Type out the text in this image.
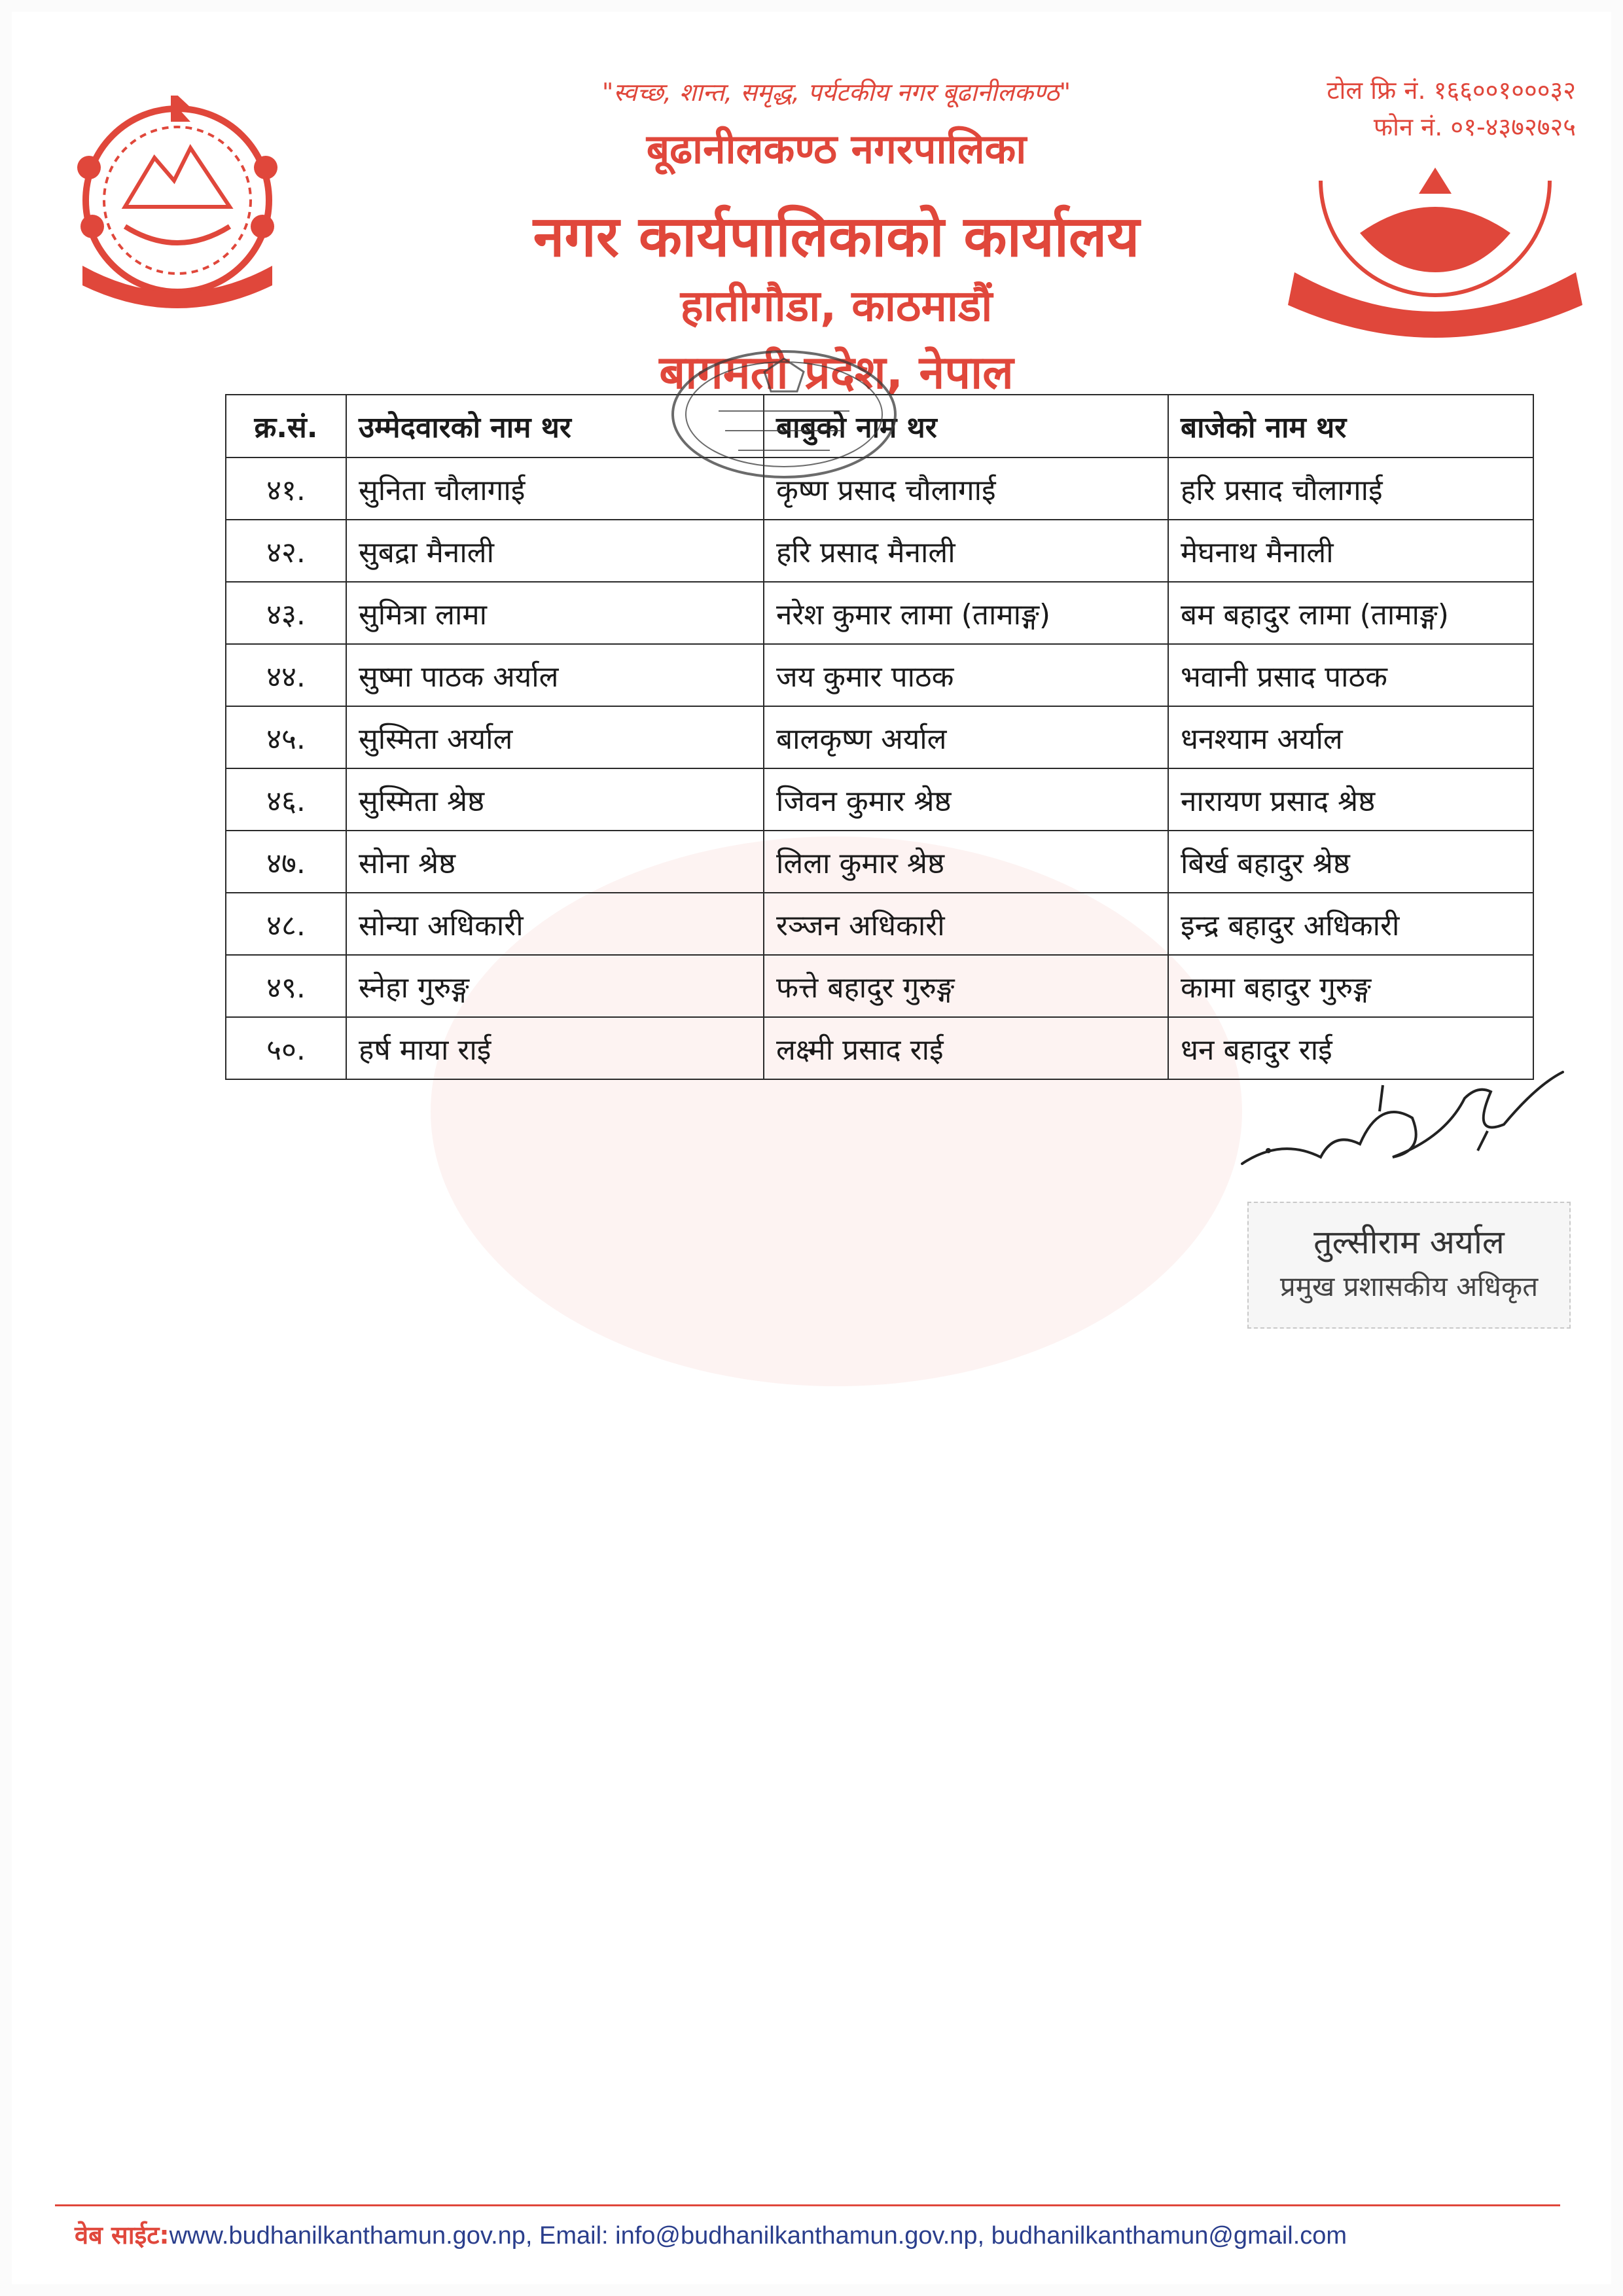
"स्वच्छ, शान्त, समृद्ध, पर्यटकीय नगर बूढानीलकण्ठ"	टोल फ्रि नं. १६६००१०००३२
फोन नं. ०१-४३७२७२५
बूढानीलकण्ठ नगरपालिका
नगर कार्यपालिकाको कार्यालय
हातीगौडा, काठमाडौं
बागमती प्रदेश, नेपाल
क्र.सं.	उम्मेदवारको नाम थर	बाबुको नाम थर	बाजेको नाम थर
४१.	सुनिता चौलागाई	कृष्ण प्रसाद चौलागाई	हरि प्रसाद चौलागाई
४२.	सुबद्रा मैनाली	हरि प्रसाद मैनाली	मेघनाथ मैनाली
४३.	सुमित्रा लामा	नरेश कुमार लामा (तामाङ्ग)	बम बहादुर लामा (तामाङ्ग)
४४.	सुष्मा पाठक अर्याल	जय कुमार पाठक	भवानी प्रसाद पाठक
४५.	सुस्मिता अर्याल	बालकृष्ण अर्याल	धनश्याम अर्याल
४६.	सुस्मिता श्रेष्ठ	जिवन कुमार श्रेष्ठ	नारायण प्रसाद श्रेष्ठ
४७.	सोना श्रेष्ठ	लिला कुमार श्रेष्ठ	बिर्ख बहादुर श्रेष्ठ
४८.	सोन्या अधिकारी	रञ्जन अधिकारी	इन्द्र बहादुर अधिकारी
४९.	स्नेहा गुरुङ्ग	फत्ते बहादुर गुरुङ्ग	कामा बहादुर गुरुङ्ग
५०.	हर्ष माया राई	लक्ष्मी प्रसाद राई	धन बहादुर राई
तुल्सीराम अर्याल
प्रमुख प्रशासकीय अधिकृत
वेब साईट:www.budhanilkanthamun.gov.np, Email: info@budhanilkanthamun.gov.np, budhanilkanthamun@gmail.com
